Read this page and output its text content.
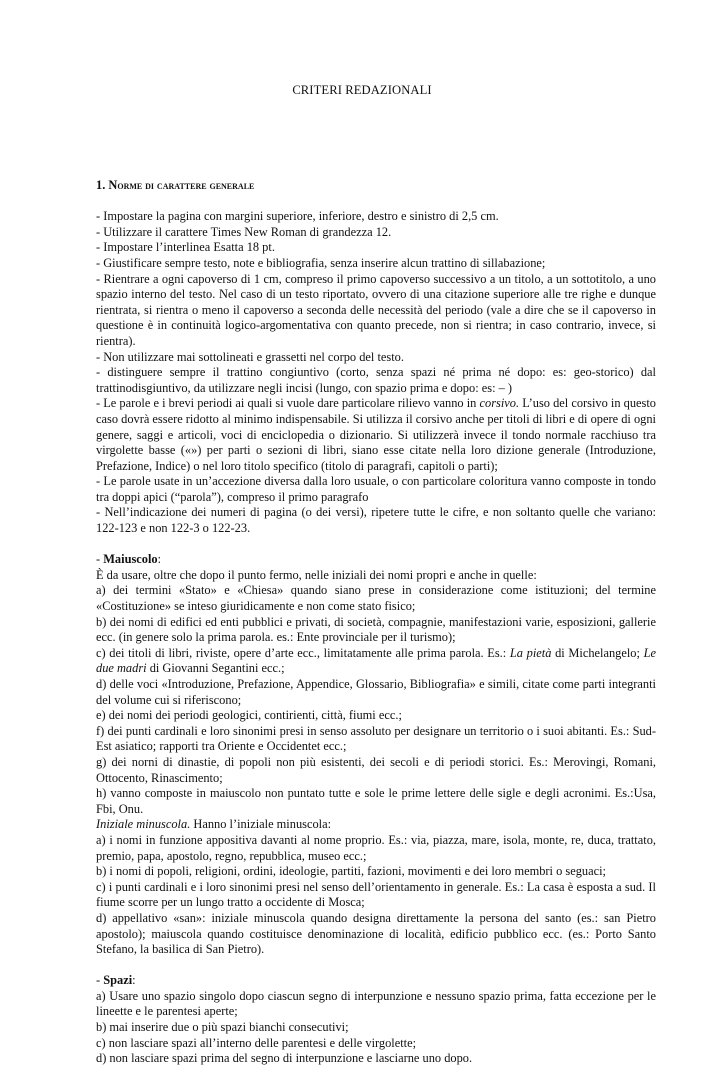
CRITERI REDAZIONALI
1. Norme di carattere generale

- Impostare la pagina con margini superiore, inferiore, destro e sinistro di 2,5 cm.

- Utilizzare il carattere Times New Roman di grandezza 12.

- Impostare l’interlinea Esatta 18 pt.

- Giustificare sempre testo, note e bibliografia, senza inserire alcun trattino di sillabazione;

- Rientrare a ogni capoverso di 1 cm, compreso il primo capoverso successivo a un titolo, a un sottotitolo, a uno spazio interno del testo. Nel caso di un testo riportato, ovvero di una citazione superiore alle tre righe e dunque rientrata, si rientra o meno il capoverso a seconda delle necessità del periodo (vale a dire che se il capoverso in questione è in continuità logico-argomentativa con quanto precede, non si rientra; in caso contrario, invece, si rientra).

- Non utilizzare mai sottolineati e grassetti nel corpo del testo.

- distinguere sempre il trattino congiuntivo (corto, senza spazi né prima né dopo: es: geo-storico) dal trattinodisgiuntivo, da utilizzare negli incisi (lungo, con spazio prima e dopo: es: – )

- Le parole e i brevi periodi ai quali si vuole dare particolare rilievo vanno in corsivo. L’uso del corsivo in questo caso dovrà essere ridotto al minimo indispensabile. Si utilizza il corsivo anche per titoli di libri e di opere di ogni genere, saggi e articoli, voci di enciclopedia o dizionario. Si utilizzerà invece il tondo normale racchiuso tra virgolette basse («») per parti o sezioni di libri, siano esse citate nella loro dizione generale (Introduzione, Prefazione, Indice) o nel loro titolo specifico (titolo di paragrafi, capitoli o parti);

- Le parole usate in un’accezione diversa dalla loro usuale, o con particolare coloritura vanno composte in tondo tra doppi apici (“parola”), compreso il primo paragrafo

- Nell’indicazione dei numeri di pagina (o dei versi), ripetere tutte le cifre, e non soltanto quelle che variano: 122-123 e non 122-3 o 122-23.

- Maiuscolo:

È da usare, oltre che dopo il punto fermo, nelle iniziali dei nomi propri e anche in quelle:

a) dei termini «Stato» e «Chiesa» quando siano prese in considerazione come istituzioni; del termine «Costituzione» se inteso giuridicamente e non come stato fisico;

b) dei nomi di edifici ed enti pubblici e privati, di società, compagnie, manifestazioni varie, esposizioni, gallerie ecc. (in genere solo la prima parola. es.: Ente provinciale per il turismo);

c) dei titoli di libri, riviste, opere d’arte ecc., limitatamente alle prima parola. Es.: La pietà di Michelangelo; Le due madri di Giovanni Segantini ecc.;

d) delle voci «Introduzione, Prefazione, Appendice, Glossario, Bibliografia» e simili, citate come parti integranti del volume cui si riferiscono;

e) dei nomi dei periodi geologici, contirienti, città, fiumi ecc.;

f) dei punti cardinali e loro sinonimi presi in senso assoluto per designare un territorio o i suoi abitanti. Es.: Sud-Est asiatico; rapporti tra Oriente e Occidentet ecc.;

g) dei norni di dinastie, di popoli non più esistenti, dei secoli e di periodi storici. Es.: Merovingi, Romani, Ottocento, Rinascimento;

h) vanno composte in maiuscolo non puntato tutte e sole le prime lettere delle sigle e degli acronimi. Es.:Usa, Fbi, Onu.

Iniziale minuscola. Hanno l’iniziale minuscola:

a) i nomi in funzione appositiva davanti al nome proprio. Es.: via, piazza, mare, isola, monte, re, duca, trattato, premio, papa, apostolo, regno, repubblica, museo ecc.;

b) i nomi di popoli, religioni, ordini, ideologie, partiti, fazioni, movimenti e dei loro membri o seguaci;

c) i punti cardinali e i loro sinonimi presi nel senso dell’orientamento in generale. Es.: La casa è esposta a sud. Il fiume scorre per un lungo tratto a occidente di Mosca;

d) appellativo «san»: iniziale minuscola quando designa direttamente la persona del santo (es.: san Pietro apostolo); maiuscola quando costituisce denominazione di località, edificio pubblico ecc. (es.: Porto Santo Stefano, la basilica di San Pietro).

- Spazi:

a) Usare uno spazio singolo dopo ciascun segno di interpunzione e nessuno spazio prima, fatta eccezione per le lineette e le parentesi aperte;

b) mai inserire due o più spazi bianchi consecutivi;

c) non lasciare spazi all’interno delle parentesi e delle virgolette;

d) non lasciare spazi prima del segno di interpunzione e lasciarne uno dopo.
